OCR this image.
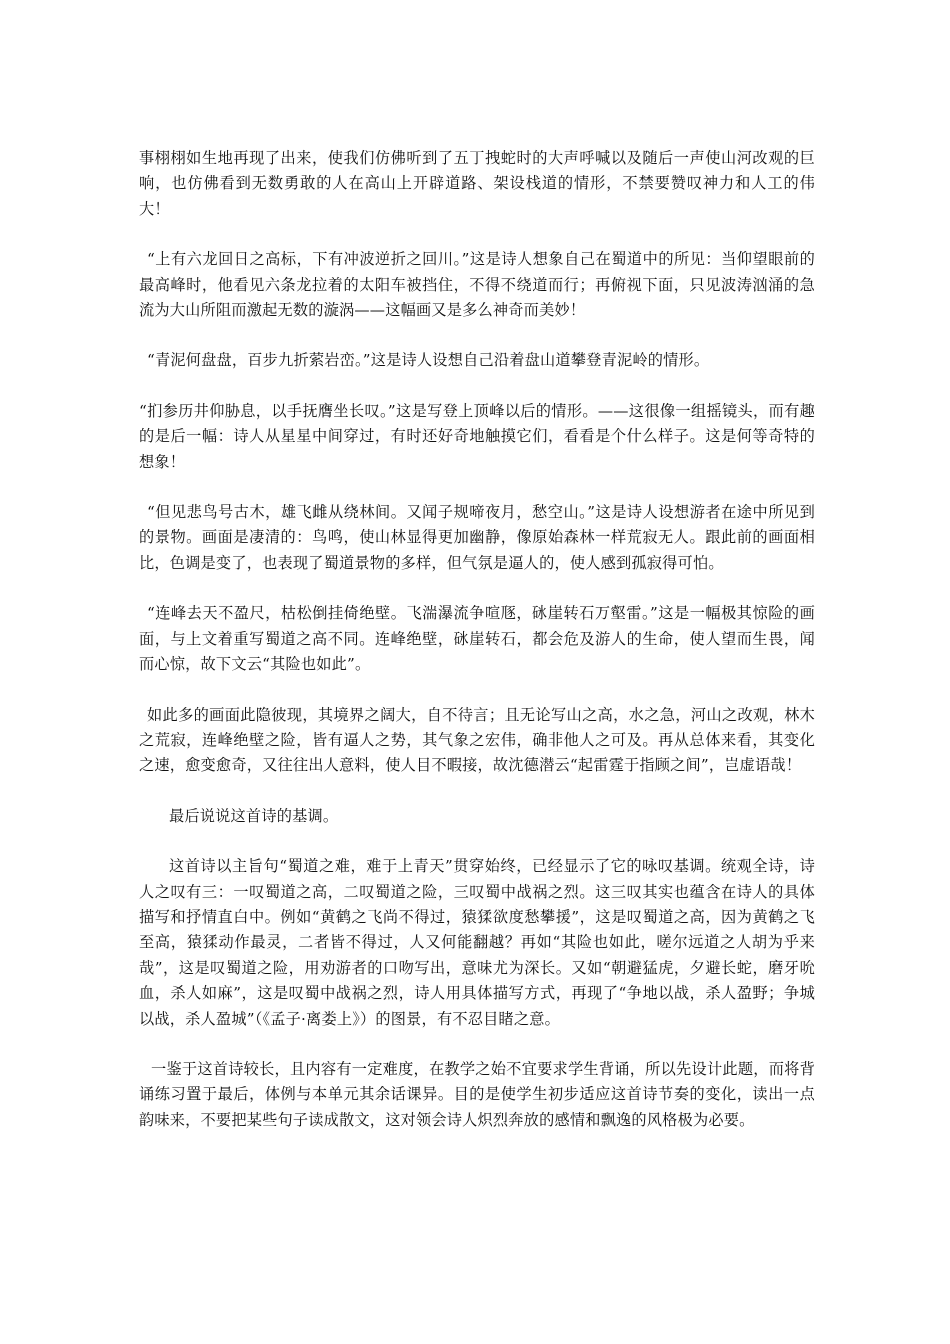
事栩栩如生地再现了出来，使我们仿佛听到了五丁拽蛇时的大声呼喊以及随后一声使山河改观的巨响，也仿佛看到无数勇敢的人在高山上开辟道路、架设栈道的情形，不禁要赞叹神力和人工的伟大！

“上有六龙回日之高标，下有冲波逆折之回川。”这是诗人想象自己在蜀道中的所见：当仰望眼前的最高峰时，他看见六条龙拉着的太阳车被挡住，不得不绕道而行；再俯视下面，只见波涛汹涌的急流为大山所阻而激起无数的漩涡——这幅画又是多么神奇而美妙！

“青泥何盘盘，百步九折萦岩峦。”这是诗人设想自己沿着盘山道攀登青泥岭的情形。

“扪参历井仰胁息，以手抚膺坐长叹。”这是写登上顶峰以后的情形。——这很像一组摇镜头，而有趣的是后一幅：诗人从星星中间穿过，有时还好奇地触摸它们，看看是个什么样子。这是何等奇特的想象！

“但见悲鸟号古木，雄飞雌从绕林间。又闻子规啼夜月，愁空山。”这是诗人设想游者在途中所见到的景物。画面是凄清的：鸟鸣，使山林显得更加幽静，像原始森林一样荒寂无人。跟此前的画面相比，色调是变了，也表现了蜀道景物的多样，但气氛是逼人的，使人感到孤寂得可怕。

“连峰去天不盈尺，枯松倒挂倚绝壁。飞湍瀑流争喧豗，砯崖转石万壑雷。”这是一幅极其惊险的画面，与上文着重写蜀道之高不同。连峰绝壁，砯崖转石，都会危及游人的生命，使人望而生畏，闻而心惊，故下文云“其险也如此”。

如此多的画面此隐彼现，其境界之阔大，自不待言；且无论写山之高，水之急，河山之改观，林木之荒寂，连峰绝壁之险，皆有逼人之势，其气象之宏伟，确非他人之可及。再从总体来看，其变化之速，愈变愈奇，又往往出人意料，使人目不暇接，故沈德潜云“起雷霆于指顾之间”，岂虚语哉！

最后说说这首诗的基调。

这首诗以主旨句“蜀道之难，难于上青天”贯穿始终，已经显示了它的咏叹基调。统观全诗，诗人之叹有三：一叹蜀道之高，二叹蜀道之险，三叹蜀中战祸之烈。这三叹其实也蕴含在诗人的具体描写和抒情直白中。例如“黄鹤之飞尚不得过，猿猱欲度愁攀援”，这是叹蜀道之高，因为黄鹤之飞至高，猿猱动作最灵，二者皆不得过，人又何能翻越？再如“其险也如此，嗟尔远道之人胡为乎来哉”，这是叹蜀道之险，用劝游者的口吻写出，意味尤为深长。又如“朝避猛虎，夕避长蛇，磨牙吮血，杀人如麻”，这是叹蜀中战祸之烈，诗人用具体描写方式，再现了“争地以战，杀人盈野；争城以战，杀人盈城”（《孟子·离娄上》）的图景，有不忍目睹之意。

一鉴于这首诗较长，且内容有一定难度，在教学之始不宜要求学生背诵，所以先设计此题，而将背诵练习置于最后，体例与本单元其余话课异。目的是使学生初步适应这首诗节奏的变化，读出一点韵味来，不要把某些句子读成散文，这对领会诗人炽烈奔放的感情和飘逸的风格极为必要。
